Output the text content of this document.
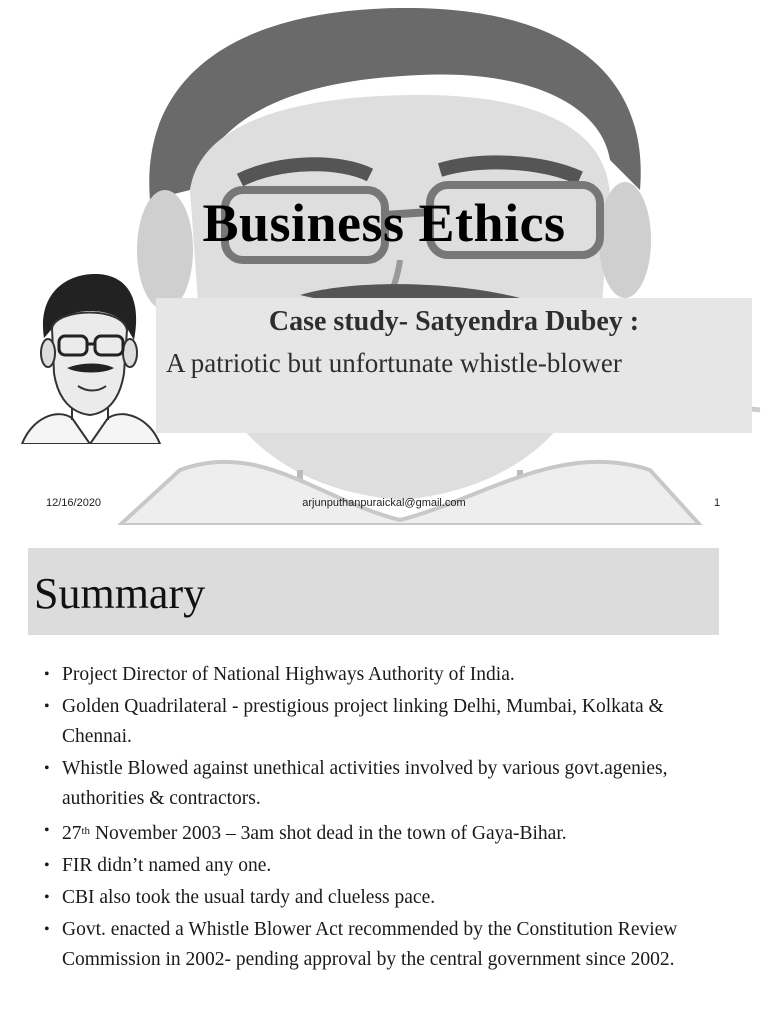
Business Ethics
Case study- Satyendra Dubey :
A patriotic but unfortunate whistle-blower
12/16/2020	arjunputhanpuraickal@gmail.com	1
Summary
• Project Director of National Highways Authority of India.
• Golden Quadrilateral - prestigious project linking Delhi, Mumbai, Kolkata & Chennai.
• Whistle Blowed against unethical activities involved by various govt.agenies, authorities & contractors.
• 27th November 2003 – 3am shot dead in the town of Gaya-Bihar.
• FIR didn’t named any one.
• CBI also took the usual tardy and clueless pace.
• Govt. enacted a Whistle Blower Act recommended by the Constitution Review Commission in 2002- pending approval by the central government since 2002.
